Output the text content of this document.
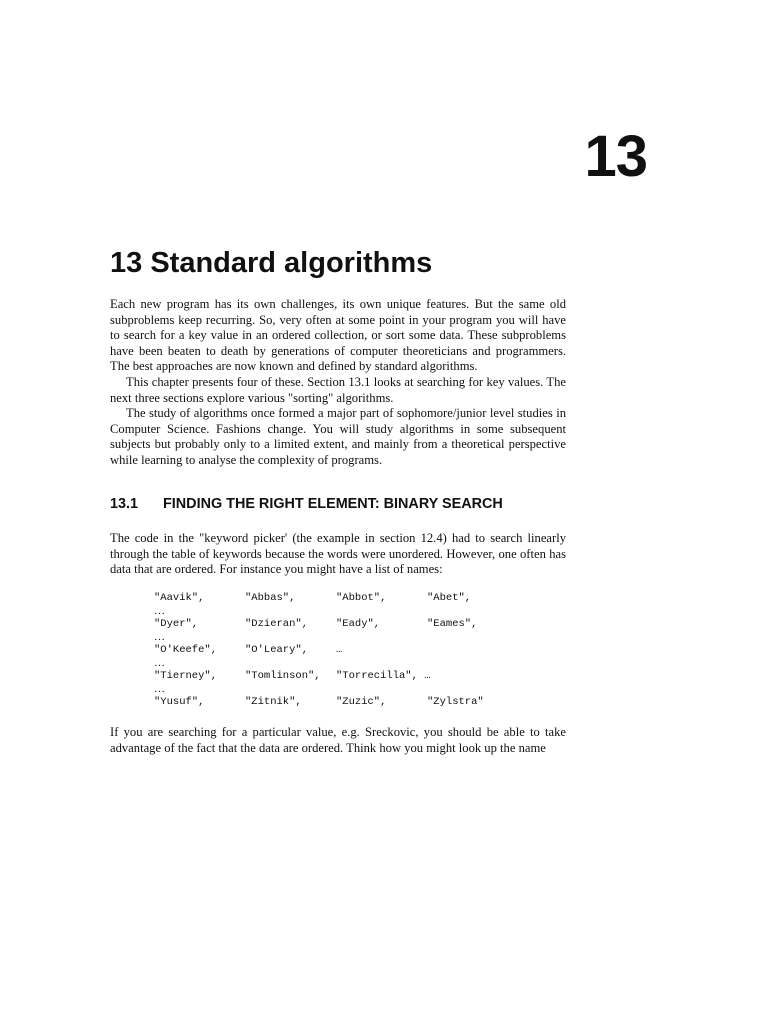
13
13 Standard algorithms

Each new program has its own challenges, its own unique features. But the same old subproblems keep recurring. So, very often at some point in your program you will have to search for a key value in an ordered collection, or sort some data. These subproblems have been beaten to death by generations of computer theoreticians and programmers. The best approaches are now known and defined by standard algorithms.

This chapter presents four of these. Section 13.1 looks at searching for key values. The next three sections explore various "sorting" algorithms.

The study of algorithms once formed a major part of sophomore/junior level studies in Computer Science. Fashions change. You will study algorithms in some subsequent subjects but probably only to a limited extent, and mainly from a theoretical perspective while learning to analyse the complexity of programs.

13.1 FINDING THE RIGHT ELEMENT: BINARY SEARCH

The code in the "keyword picker' (the example in section 12.4) had to search linearly through the table of keywords because the words were unordered. However, one often has data that are ordered. For instance you might have a list of names:

"Aavik",	"Abbas",	"Abbot",	"Abet",
…
"Dyer",	"Dzieran",	"Eady",	"Eames",
…
"O'Keefe",	"O'Leary",	…
…
"Tierney",	"Tomlinson", "Torrecilla", …
…
"Yusuf",	"Zitnik",	"Zuzic",	"Zylstra"

If you are searching for a particular value, e.g. Sreckovic, you should be able to take advantage of the fact that the data are ordered. Think how you might look up the name
